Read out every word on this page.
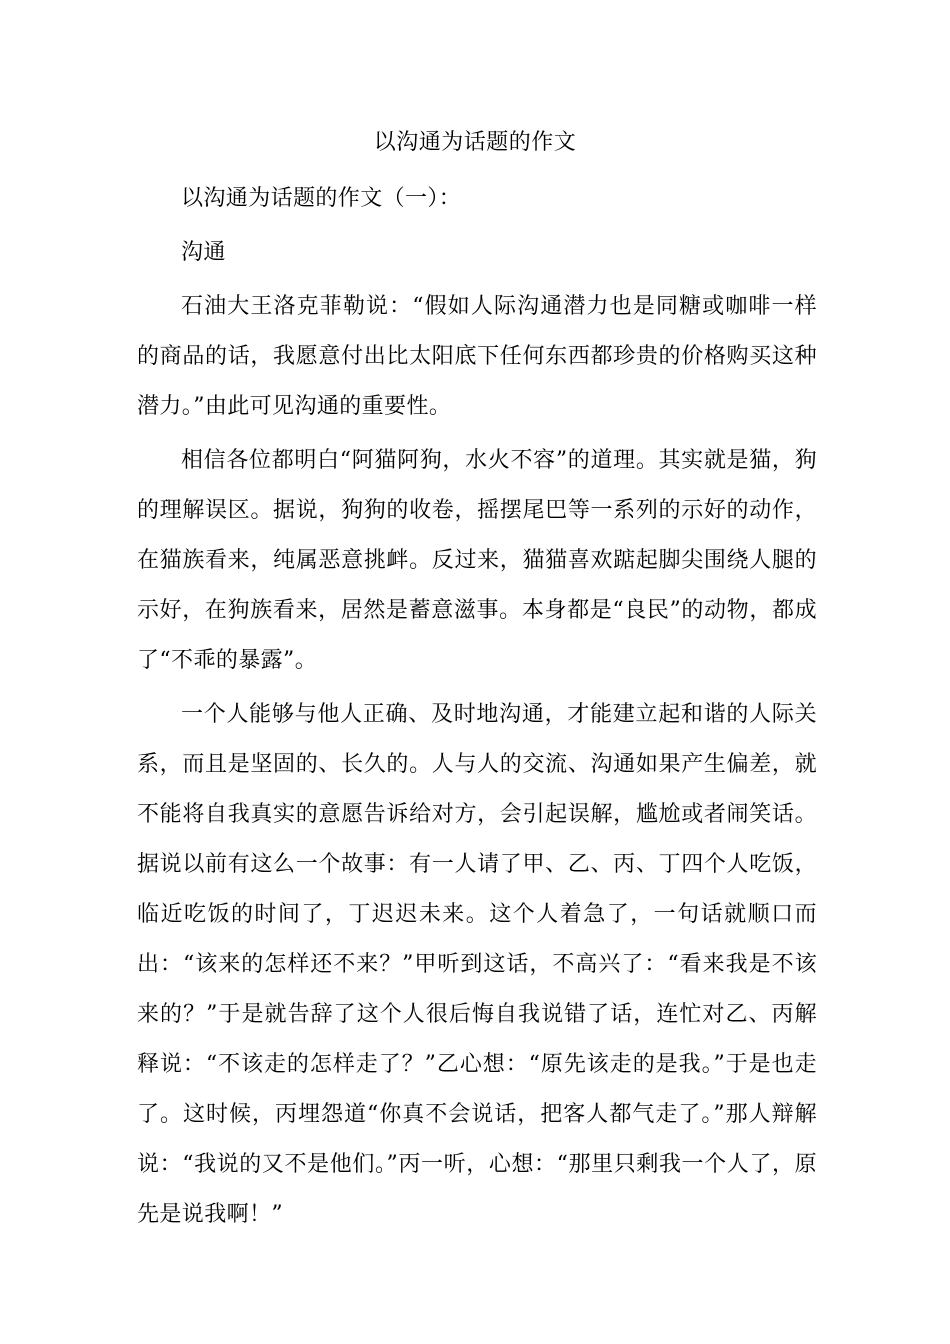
以沟通为话题的作文

以沟通为话题的作文（一）：

沟通

石油大王洛克菲勒说：“假如人际沟通潜力也是同糖或咖啡一样的商品的话，我愿意付出比太阳底下任何东西都珍贵的价格购买这种潜力。”由此可见沟通的重要性。

相信各位都明白“阿猫阿狗，水火不容”的道理。其实就是猫，狗的理解误区。据说，狗狗的收卷，摇摆尾巴等一系列的示好的动作，在猫族看来，纯属恶意挑衅。反过来，猫猫喜欢踮起脚尖围绕人腿的示好，在狗族看来，居然是蓄意滋事。本身都是“良民”的动物，都成了“不乖的暴露”。

一个人能够与他人正确、及时地沟通，才能建立起和谐的人际关系，而且是坚固的、长久的。人与人的交流、沟通如果产生偏差，就不能将自我真实的意愿告诉给对方，会引起误解，尴尬或者闹笑话。据说以前有这么一个故事：有一人请了甲、乙、丙、丁四个人吃饭，临近吃饭的时间了，丁迟迟未来。这个人着急了，一句话就顺口而出：“该来的怎样还不来？”甲听到这话，不高兴了：“看来我是不该来的？”于是就告辞了这个人很后悔自我说错了话，连忙对乙、丙解释说：“不该走的怎样走了？”乙心想：“原先该走的是我。”于是也走了。这时候，丙埋怨道“你真不会说话，把客人都气走了。”那人辩解说：“我说的又不是他们。”丙一听，心想：“那里只剩我一个人了，原先是说我啊！”
